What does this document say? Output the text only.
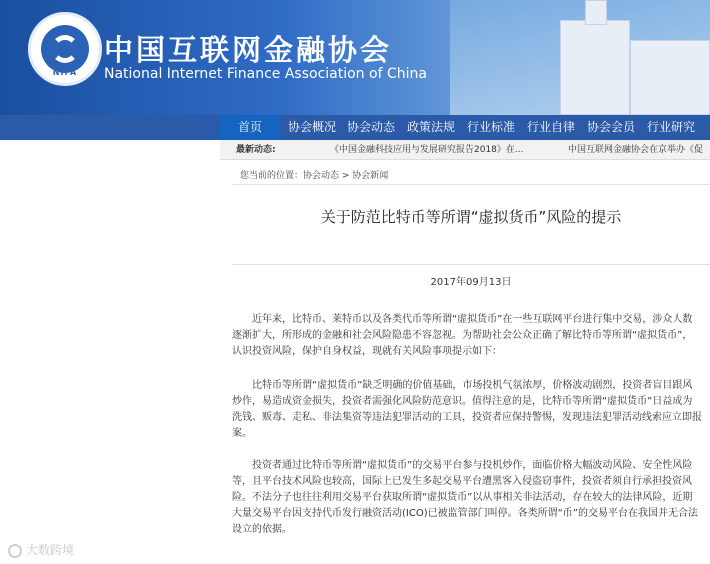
NIFA
中国互联网金融协会
National Internet Finance Association of China
首页	协会概况 协会动态 政策法规 行业标准 行业自律 协会会员 行业研究
最新动态:	《中国金融科技应用与发展研究报告2018》在...	中国互联网金融协会在京举办《促
您当前的位置：协会动态 > 协会新闻
关于防范比特币等所谓“虚拟货币”风险的提示
2017年09月13日

近年来，比特币、莱特币以及各类代币等所谓“虚拟货币”在一些互联网平台进行集中交易，涉众人数逐渐扩大，所形成的金融和社会风险隐患不容忽视。为帮助社会公众正确了解比特币等所谓“虚拟货币”，认识投资风险，保护自身权益，现就有关风险事项提示如下：

比特币等所谓“虚拟货币”缺乏明确的价值基础，市场投机气氛浓厚，价格波动剧烈，投资者盲目跟风炒作，易造成资金损失，投资者需强化风险防范意识。值得注意的是，比特币等所谓“虚拟货币”日益成为洗钱、贩毒、走私、非法集资等违法犯罪活动的工具，投资者应保持警惕，发现违法犯罪活动线索应立即报案。

投资者通过比特币等所谓“虚拟货币”的交易平台参与投机炒作，面临价格大幅波动风险、安全性风险等，且平台技术风险也较高，国际上已发生多起交易平台遭黑客入侵盗窃事件，投资者须自行承担投资风险。不法分子也往往利用交易平台获取所谓“虚拟货币”以从事相关非法活动，存在较大的法律风险，近期大量交易平台因支持代币发行融资活动(ICO)已被监管部门叫停。各类所谓“币”的交易平台在我国并无合法设立的依据。

大数跨境
